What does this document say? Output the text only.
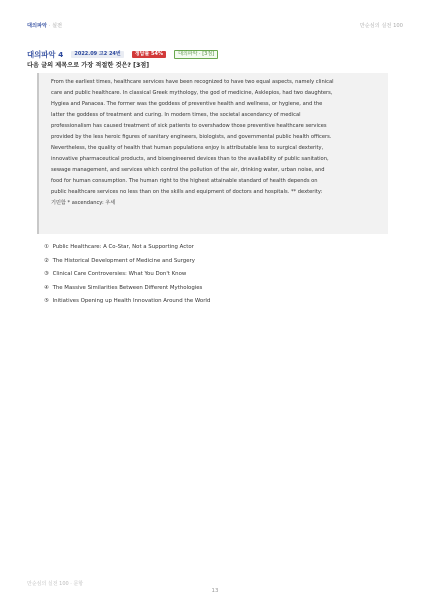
대의파악 · 실전	만순심의 실전 100
대의파악 4 2022.09 고2 24번	정답률 54%	대의파악 · [3점]
다음 글의 제목으로 가장 적절한 것은? [3점]
From the earliest times, healthcare services have been recognized to have two equal aspects, namely clinical
care and public healthcare. In classical Greek mythology, the god of medicine, Asklepios, had two daughters,
Hygiea and Panacea. The former was the goddess of preventive health and wellness, or hygiene, and the
latter the goddess of treatment and curing. In modern times, the societal ascendancy of medical
professionalism has caused treatment of sick patients to overshadow those preventive healthcare services
provided by the less heroic figures of sanitary engineers, biologists, and governmental public health officers.
Nevertheless, the quality of health that human populations enjoy is attributable less to surgical dexterity,
innovative pharmaceutical products, and bioengineered devices than to the availability of public sanitation,
sewage management, and services which control the pollution of the air, drinking water, urban noise, and
food for human consumption. The human right to the highest attainable standard of health depends on
public healthcare services no less than on the skills and equipment of doctors and hospitals. ** dexterity:
기민함 * ascendancy: 우세
① Public Healthcare: A Co-Star, Not a Supporting Actor
② The Historical Development of Medicine and Surgery
③ Clinical Care Controversies: What You Don't Know
④ The Massive Similarities Between Different Mythologies
⑤ Initiatives Opening up Health Innovation Around the World
만순심의 실전 100 · 문항
13
